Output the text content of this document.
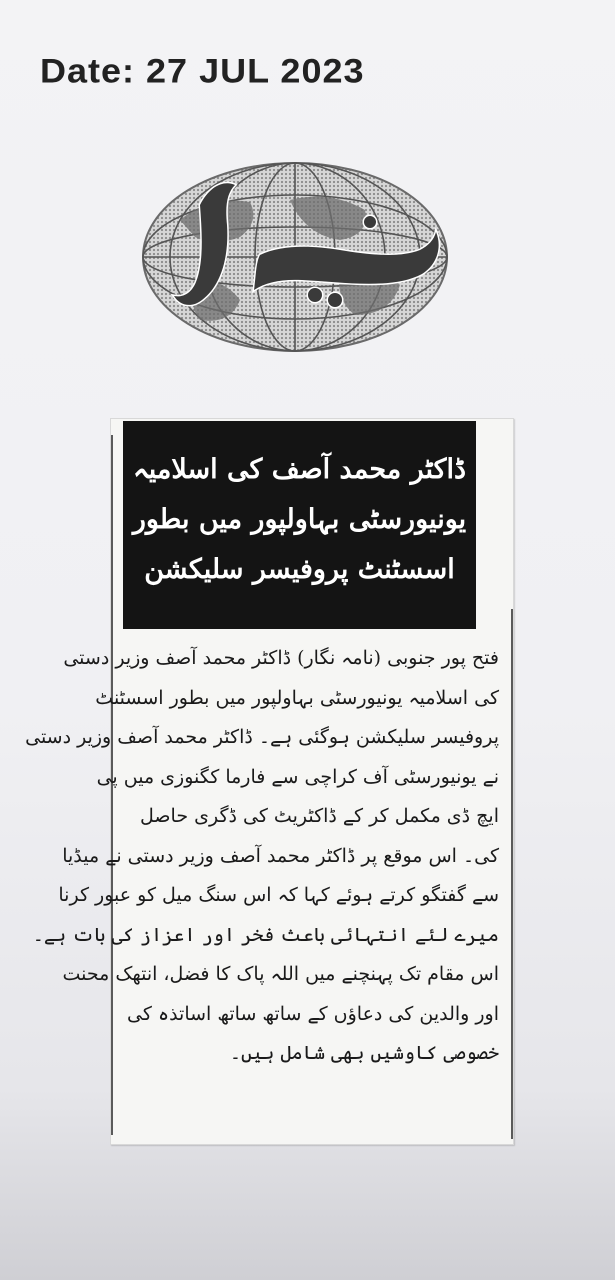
Date: 27 JUL 2023
ڈاکٹر محمد آصف کی اسلامیہ
یونیورسٹی بہاولپور میں بطور
اسسٹنٹ پروفیسر سلیکشن
فتح پور جنوبی (نامہ نگار) ڈاکٹر محمد آصف وزیر دستی
کی اسلامیہ یونیورسٹی بہاولپور میں بطور اسسٹنٹ
پروفیسر سلیکشن ہوگئی ہے۔ ڈاکٹر محمد آصف وزیر دستی
نے یونیورسٹی آف کراچی سے فارما کگنوزی میں پی
ایچ ڈی مکمل کر کے ڈاکٹریٹ کی ڈگری حاصل
کی۔ اس موقع پر ڈاکٹر محمد آصف وزیر دستی نے میڈیا
سے گفتگو کرتے ہوئے کہا کہ اس سنگ میل کو عبور کرنا
میرے لئے انتہائی باعث فخر اور اعزاز کی بات ہے۔
اس مقام تک پہنچنے میں اللہ پاک کا فضل، انتھک محنت
اور والدین کی دعاؤں کے ساتھ ساتھ اساتذہ کی
خصوصی کاوشیں بھی شامل ہیں۔
